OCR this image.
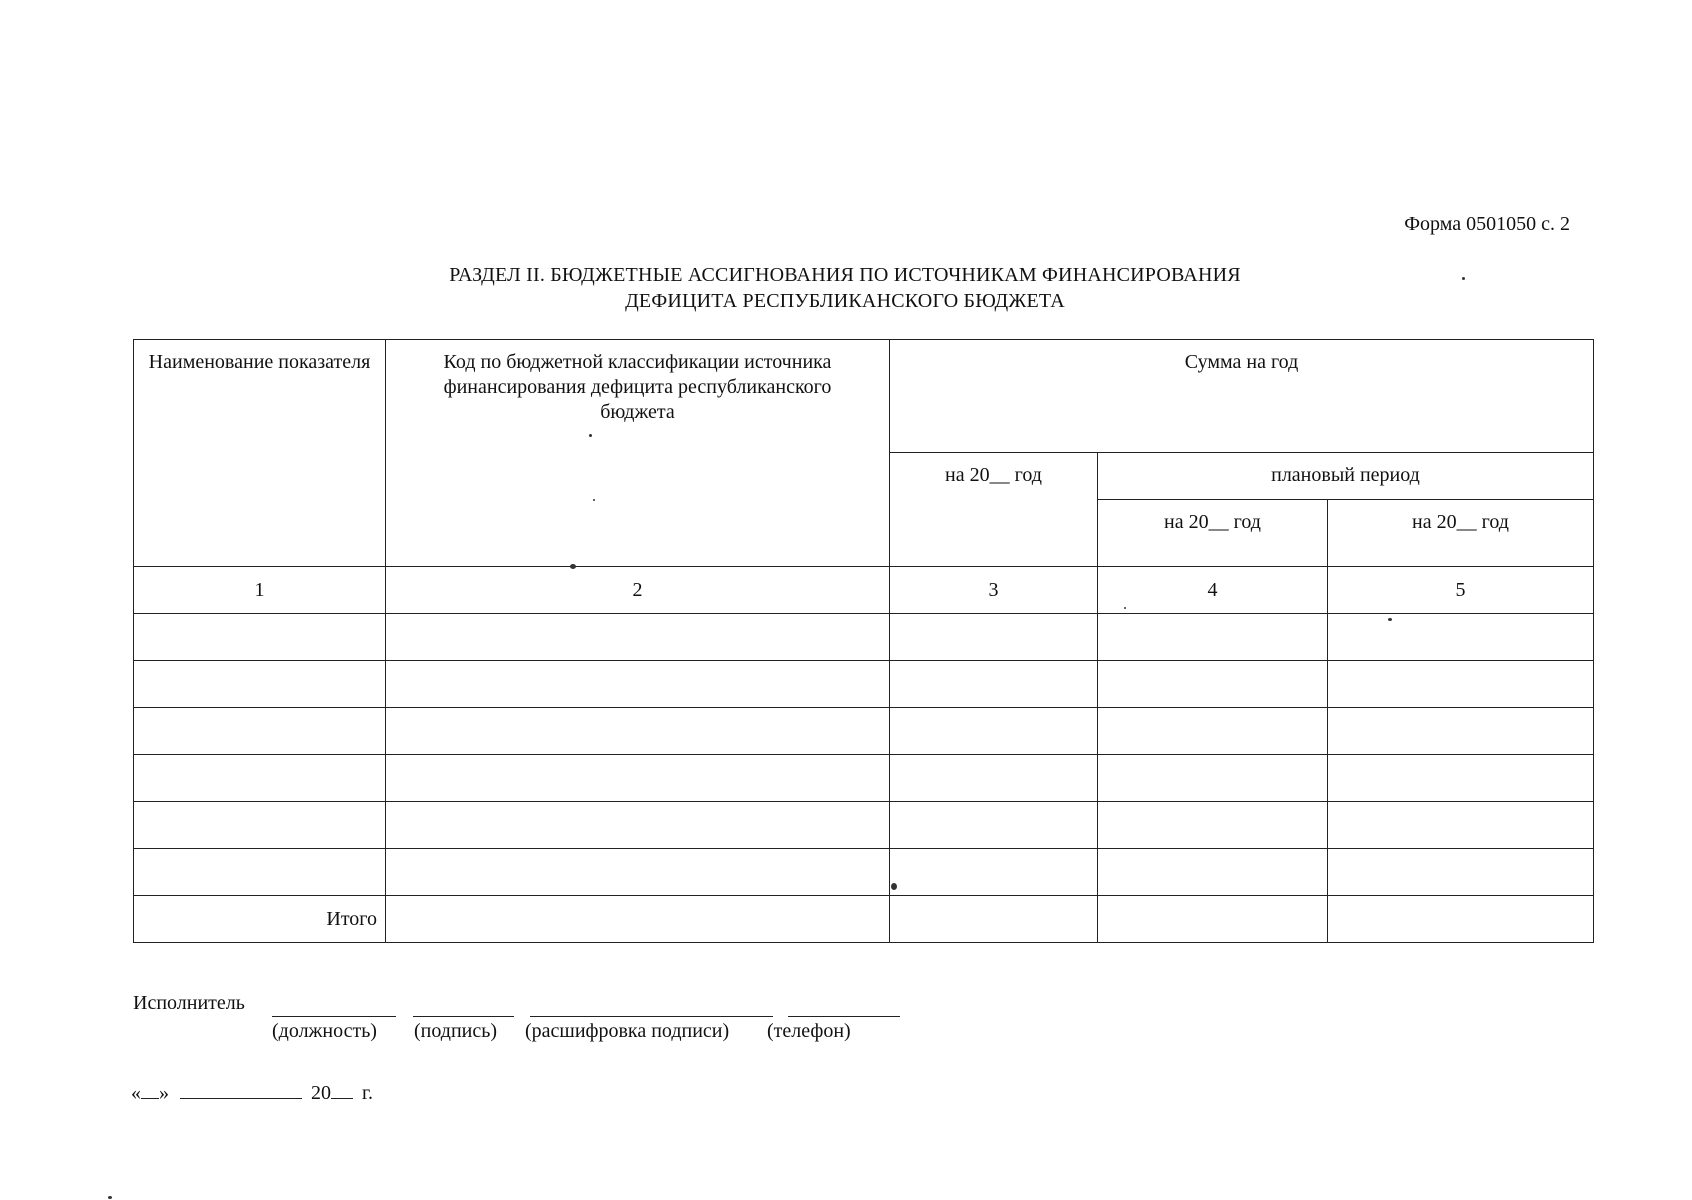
Форма 0501050 с. 2
РАЗДЕЛ II. БЮДЖЕТНЫЕ АССИГНОВАНИЯ ПО ИСТОЧНИКАМ ФИНАНСИРОВАНИЯ
ДЕФИЦИТА РЕСПУБЛИКАНСКОГО БЮДЖЕТА
Наименование показателя	Код по бюджетной классификации источника финансирования дефицита республиканского бюджета	Сумма на год		

		на 20__ год	плановый период	

			на 20__ год	на 20__ год

1	2	3	4	5

Итого				
Исполнитель
(должность) (подпись) (расшифровка подписи) (телефон)
« »	20 г.
